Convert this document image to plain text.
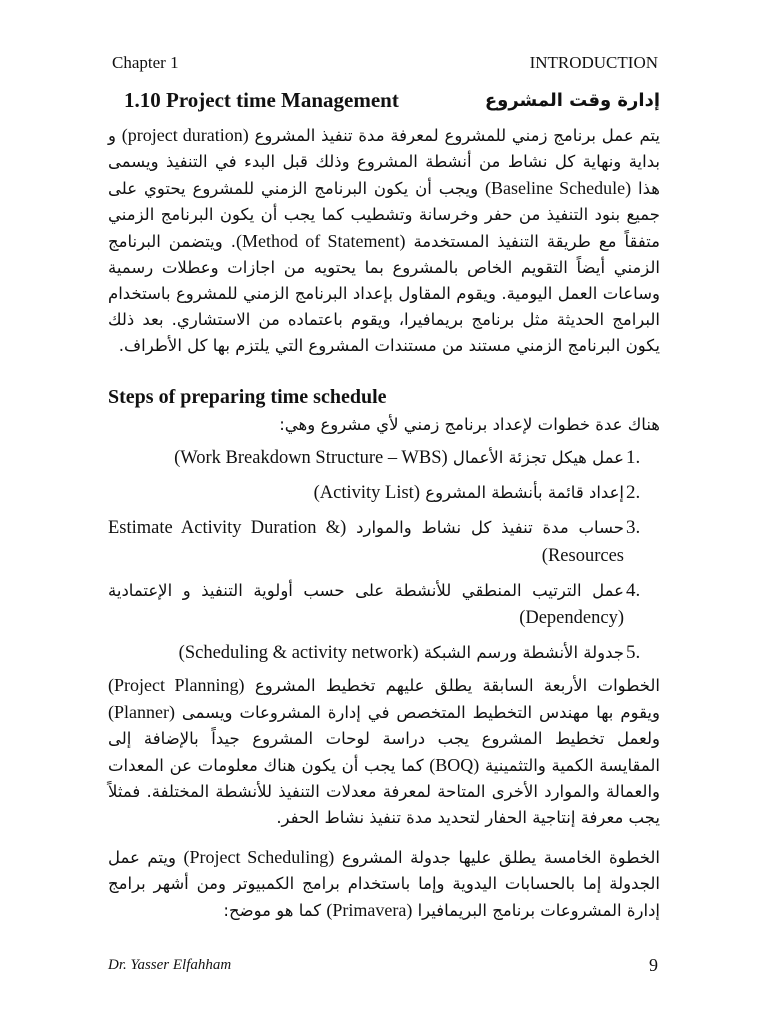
Chapter 1	INTRODUCTION
1.10 Project time Management	إدارة وقت المشروع

يتم عمل برنامج زمني للمشروع لمعرفة مدة تنفيذ المشروع (project duration) و بداية ونهاية كل نشاط من أنشطة المشروع وذلك قبل البدء في التنفيذ ويسمى هذا (Baseline Schedule) ويجب أن يكون البرنامج الزمني للمشروع يحتوي على جميع بنود التنفيذ من حفر وخرسانة وتشطيب كما يجب أن يكون البرنامج الزمني متفقاً مع طريقة التنفيذ المستخدمة (Method of Statement). ويتضمن البرنامج الزمني أيضاً التقويم الخاص بالمشروع بما يحتويه من اجازات وعطلات رسمية وساعات العمل اليومية. ويقوم المقاول بإعداد البرنامج الزمني للمشروع باستخدام البرامج الحديثة مثل برنامج بريمافيرا، ويقوم باعتماده من الاستشاري. بعد ذلك يكون البرنامج الزمني مستند من مستندات المشروع التي يلتزم بها كل الأطراف.

Steps of preparing time schedule

هناك عدة خطوات لإعداد برنامج زمني لأي مشروع وهي:

.1
عمل هيكل تجزئة الأعمال (Work Breakdown Structure – WBS)
.2
إعداد قائمة بأنشطة المشروع (Activity List)
.3
حساب مدة تنفيذ كل نشاط والموارد (Estimate Activity Duration & Resources)
.4
عمل الترتيب المنطقي للأنشطة على حسب أولوية التنفيذ و الإعتمادية (Dependency)
.5
جدولة الأنشطة ورسم الشبكة (Scheduling & activity network)

الخطوات الأربعة السابقة يطلق عليهم تخطيط المشروع (Project Planning) ويقوم بها مهندس التخطيط المتخصص في إدارة المشروعات ويسمى (Planner) ولعمل تخطيط المشروع يجب دراسة لوحات المشروع جيداً بالإضافة إلى المقايسة الكمية والتثمينية (BOQ) كما يجب أن يكون هناك معلومات عن المعدات والعمالة والموارد الأخرى المتاحة لمعرفة معدلات التنفيذ للأنشطة المختلفة. فمثلاً يجب معرفة إنتاجية الحفار لتحديد مدة تنفيذ نشاط الحفر.

الخطوة الخامسة يطلق عليها جدولة المشروع (Project Scheduling) ويتم عمل الجدولة إما بالحسابات اليدوية وإما باستخدام برامج الكمبيوتر ومن أشهر برامج إدارة المشروعات برنامج البريمافيرا (Primavera) كما هو موضح:

Dr. Yasser Elfahham	9
